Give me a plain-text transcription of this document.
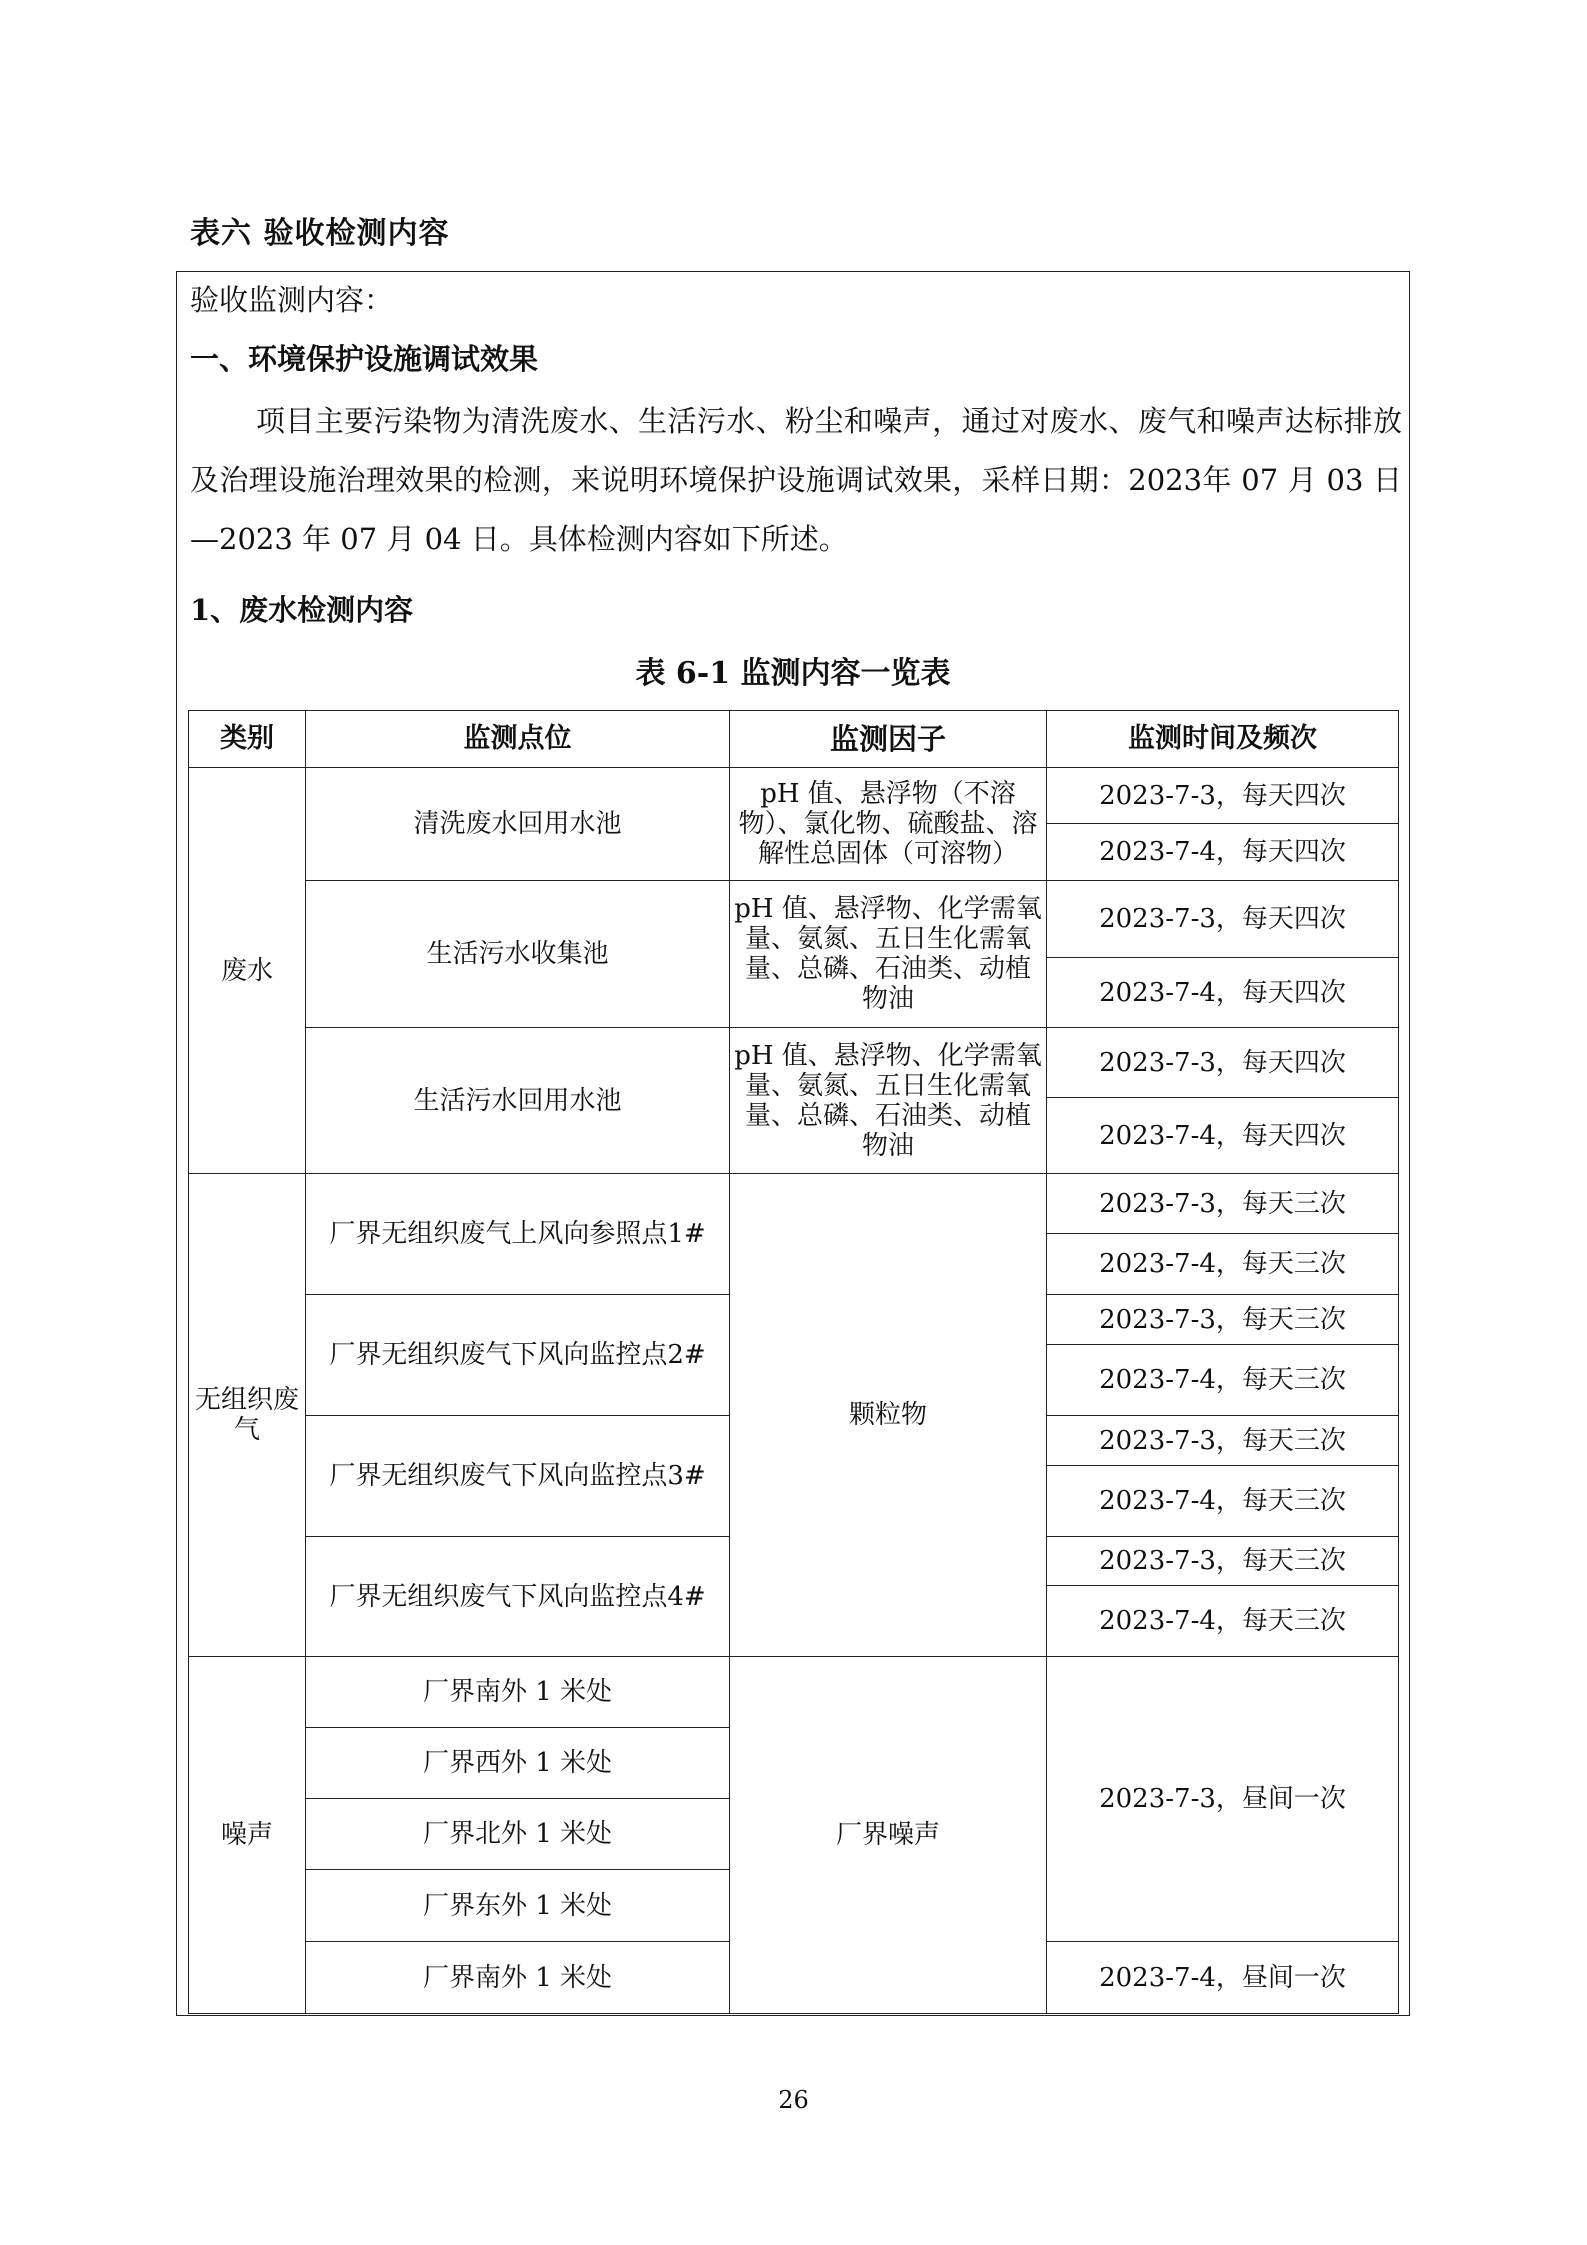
表六 验收检测内容
验收监测内容：
一、环境保护设施调试效果
项目主要污染物为清洗废水、生活污水、粉尘和噪声，通过对废水、废气和噪声达标排放及治理设施治理效果的检测，来说明环境保护设施调试效果，采样日期：2023年 07 月 03 日—2023 年 07 月 04 日。具体检测内容如下所述。
1、废水检测内容
表 6-1 监测内容一览表
类别	监测点位	监测因子	监测时间及频次
废水	清洗废水回用水池	pH 值、悬浮物（不溶物）、氯化物、硫酸盐、溶解性总固体（可溶物）	2023-7-3，每天四次
			2023-7-4，每天四次
	生活污水收集池	pH 值、悬浮物、化学需氧量、氨氮、五日生化需氧量、总磷、石油类、动植物油	2023-7-3，每天四次
			2023-7-4，每天四次
	生活污水回用水池	pH 值、悬浮物、化学需氧量、氨氮、五日生化需氧量、总磷、石油类、动植物油	2023-7-3，每天四次
			2023-7-4，每天四次
无组织废气	厂界无组织废气上风向参照点1#	颗粒物	2023-7-3，每天三次
			2023-7-4，每天三次
	厂界无组织废气下风向监控点2#		2023-7-3，每天三次
			2023-7-4，每天三次
	厂界无组织废气下风向监控点3#		2023-7-3，每天三次
			2023-7-4，每天三次
	厂界无组织废气下风向监控点4#		2023-7-3，每天三次
			2023-7-4，每天三次
噪声	厂界南外 1 米处	厂界噪声	2023-7-3，昼间一次
	厂界西外 1 米处		
	厂界北外 1 米处		
	厂界东外 1 米处		
	厂界南外 1 米处		2023-7-4，昼间一次
26
